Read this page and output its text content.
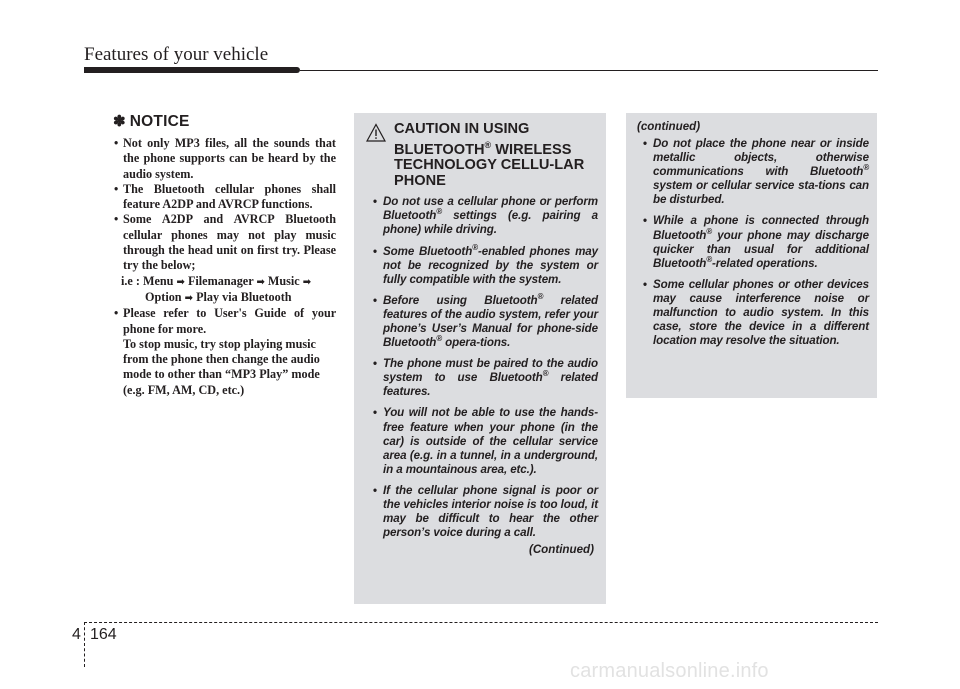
Features of your vehicle
✽ NOTICE
• Not only MP3 files, all the sounds that the phone supports can be heard by the audio system.
• The Bluetooth cellular phones shall feature A2DP and AVRCP functions.
• Some A2DP and AVRCP Bluetooth cellular phones may not play music through the head unit on first try. Please try the below;
i.e : Menu ➡ Filemanager ➡ Music ➡
Option ➡ Play via Bluetooth
• Please refer to User's Guide of your phone for more.
To stop music, try stop playing music from the phone then change the audio mode to other than “MP3 Play” mode (e.g. FM, AM, CD, etc.)
CAUTION IN USING
BLUETOOTH® WIRELESS TECHNOLOGY CELLU-LAR PHONE
• Do not use a cellular phone or perform Bluetooth® settings (e.g. pairing a phone) while driving.
• Some Bluetooth®-enabled phones may not be recognized by the system or fully compatible with the system.
• Before using Bluetooth® related features of the audio system, refer your phone’s User’s Manual for phone-side Bluetooth® opera-tions.
• The phone must be paired to the audio system to use Bluetooth® related features.
• You will not be able to use the hands-free feature when your phone (in the car) is outside of the cellular service area (e.g. in a tunnel, in a underground, in a mountainous area, etc.).
• If the cellular phone signal is poor or the vehicles interior noise is too loud, it may be difficult to hear the other person’s voice during a call.
(Continued)
(continued)
• Do not place the phone near or inside metallic objects, otherwise communications with Bluetooth® system or cellular service sta-tions can be disturbed.
• While a phone is connected through Bluetooth® your phone may discharge quicker than usual for additional Bluetooth®-related operations.
• Some cellular phones or other devices may cause interference noise or malfunction to audio system. In this case, store the device in a different location may resolve the situation.
4 164
carmanualsonline.info
